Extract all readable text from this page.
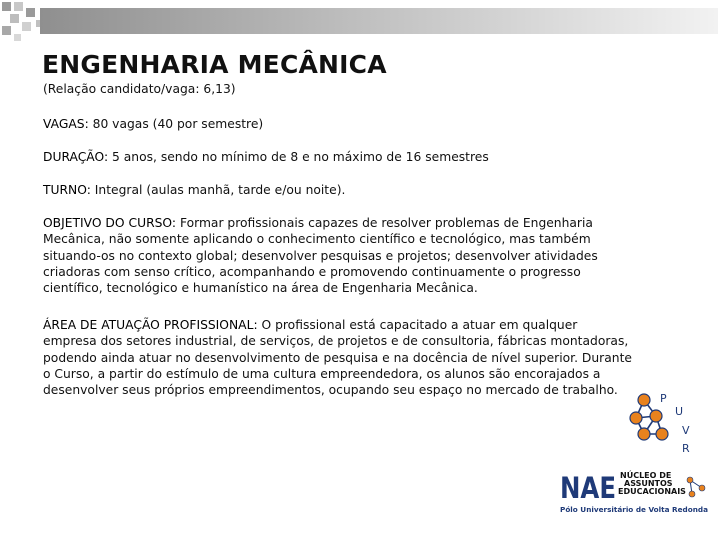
ENGENHARIA MECÂNICA
(Relação candidato/vaga: 6,13)

VAGAS: 80 vagas (40 por semestre)

DURAÇÃO: 5 anos, sendo no mínimo de 8 e no máximo de 16 semestres

TURNO: Integral (aulas manhã, tarde e/ou noite).

OBJETIVO DO CURSO: Formar profissionais capazes de resolver problemas de Engenharia
Mecânica, não somente aplicando o conhecimento científico e tecnológico, mas também
situando-os no contexto global; desenvolver pesquisas e projetos; desenvolver atividades
criadoras com senso crítico, acompanhando e promovendo continuamente o progresso
científico, tecnológico e humanístico na área de Engenharia Mecânica.

ÁREA DE ATUAÇÃO PROFISSIONAL: O profissional está capacitado a atuar em qualquer
empresa dos setores industrial, de serviços, de projetos e de consultoria, fábricas montadoras,
podendo ainda atuar no desenvolvimento de pesquisa e na docência de nível superior. Durante
o Curso, a partir do estímulo de uma cultura empreendedora, os alunos são encorajados a
desenvolver seus próprios empreendimentos, ocupando seu espaço no mercado de trabalho.

P
U
V
R
NAE NÚCLEO DE
ASSUNTOS
EDUCACIONAIS
Pólo Universitário de Volta Redonda
